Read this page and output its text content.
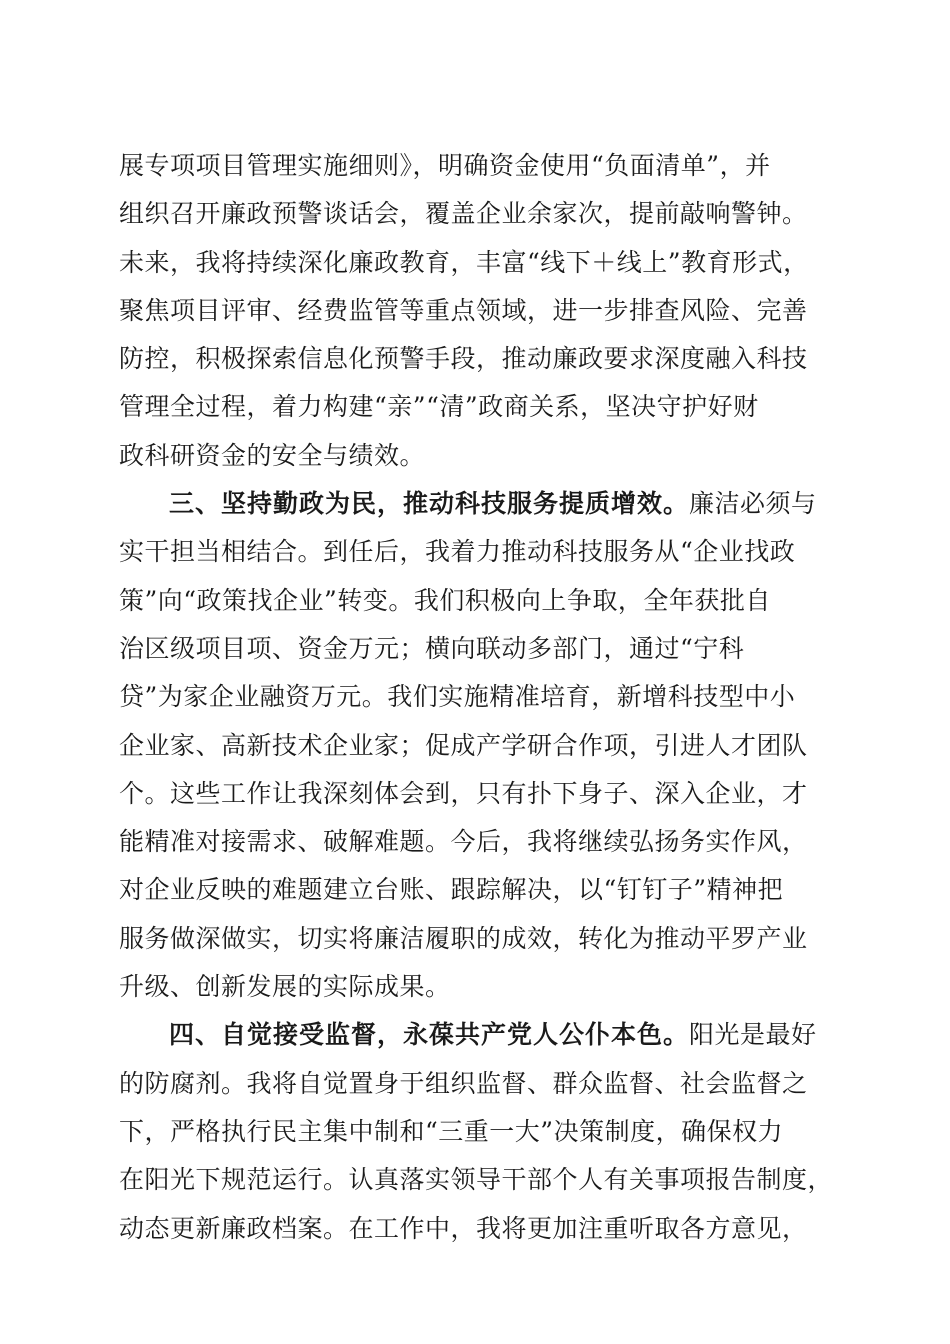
展专项项目管理实施细则》，明确资金使用“负面清单”，并
组织召开廉政预警谈话会，覆盖企业余家次，提前敲响警钟。
未来，我将持续深化廉政教育，丰富“线下＋线上”教育形式，
聚焦项目评审、经费监管等重点领域，进一步排查风险、完善
防控，积极探索信息化预警手段，推动廉政要求深度融入科技
管理全过程，着力构建“亲”“清”政商关系，坚决守护好财
政科研资金的安全与绩效。
三、坚持勤政为民，推动科技服务提质增效。 廉洁必须与
实干担当相结合。到任后，我着力推动科技服务从“企业找政
策”向“政策找企业”转变。我们积极向上争取，全年获批自
治区级项目项、资金万元；横向联动多部门，通过“宁科
贷”为家企业融资万元。我们实施精准培育，新增科技型中小
企业家、高新技术企业家；促成产学研合作项，引进人才团队
个。这些工作让我深刻体会到，只有扑下身子、深入企业，才
能精准对接需求、破解难题。今后，我将继续弘扬务实作风，
对企业反映的难题建立台账、跟踪解决，以“钉钉子”精神把
服务做深做实，切实将廉洁履职的成效，转化为推动平罗产业
升级、创新发展的实际成果。
四、自觉接受监督，永葆共产党人公仆本色。 阳光是最好
的防腐剂。我将自觉置身于组织监督、群众监督、社会监督之
下，严格执行民主集中制和“三重一大”决策制度，确保权力
在阳光下规范运行。认真落实领导干部个人有关事项报告制度，
动态更新廉政档案。在工作中，我将更加注重听取各方意见，
